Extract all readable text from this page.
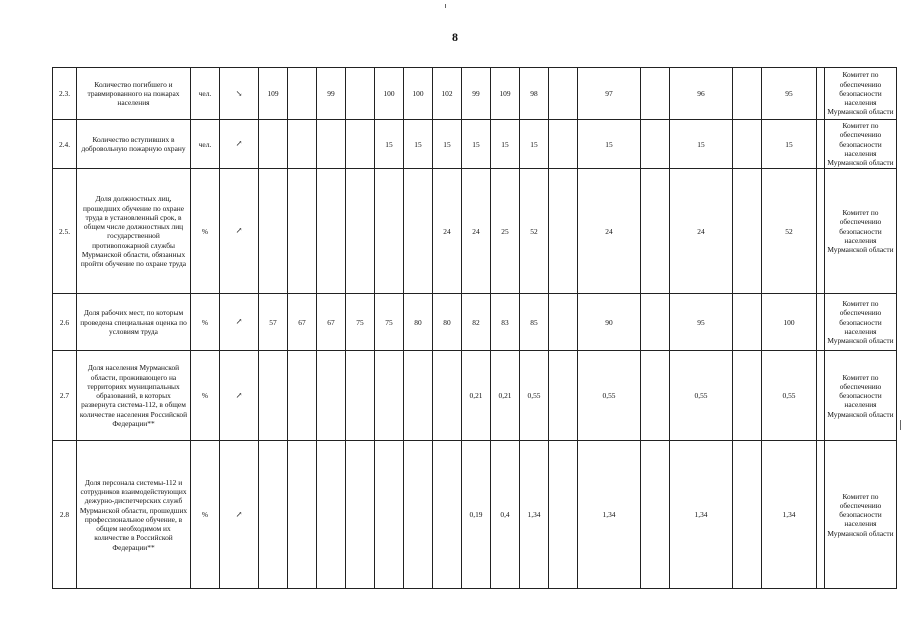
8
2.3.	Количество погибшего и травмированного на пожарах населения	чел.	↘	109		99		100	100	102	99	109	98		97		96		95		Комитет по обеспечению безопасности населения Мурманской области
2.4.	Количество вступивших в добровольную пожарную охрану	чел.	↗					15	15	15	15	15	15		15		15		15		Комитет по обеспечению безопасности населения Мурманской области
2.5.	Доля должностных лиц, прошедших обучение по охране труда в установленный срок, в общем числе должностных лиц государственной противопожарной службы Мурманской области, обязанных пройти обучение по охране труда	%	↗							24	24	25	52		24		24		52		Комитет по обеспечению безопасности населения Мурманской области
2.6	Доля рабочих мест, по которым проведена специальная оценка по условиям труда	%	↗	57	67	67	75	75	80	80	82	83	85		90		95		100		Комитет по обеспечению безопасности населения Мурманской области
2.7	Доля населения Мурманской области, проживающего на территориях муниципальных образований, в которых развернута система-112, в общем количестве населения Российской Федерации**	%	↗								0,21	0,21	0,55		0,55		0,55		0,55		Комитет по обеспечению безопасности населения Мурманской области
2.8	Доля персонала системы-112 и сотрудников взаимодействующих дежурно-диспетчерских служб Мурманской области, прошедших профессиональное обучение, в общем необходимом их количестве в Российской Федерации**	%	↗								0,19	0,4	1,34		1,34		1,34		1,34		Комитет по обеспечению безопасности населения Мурманской области
